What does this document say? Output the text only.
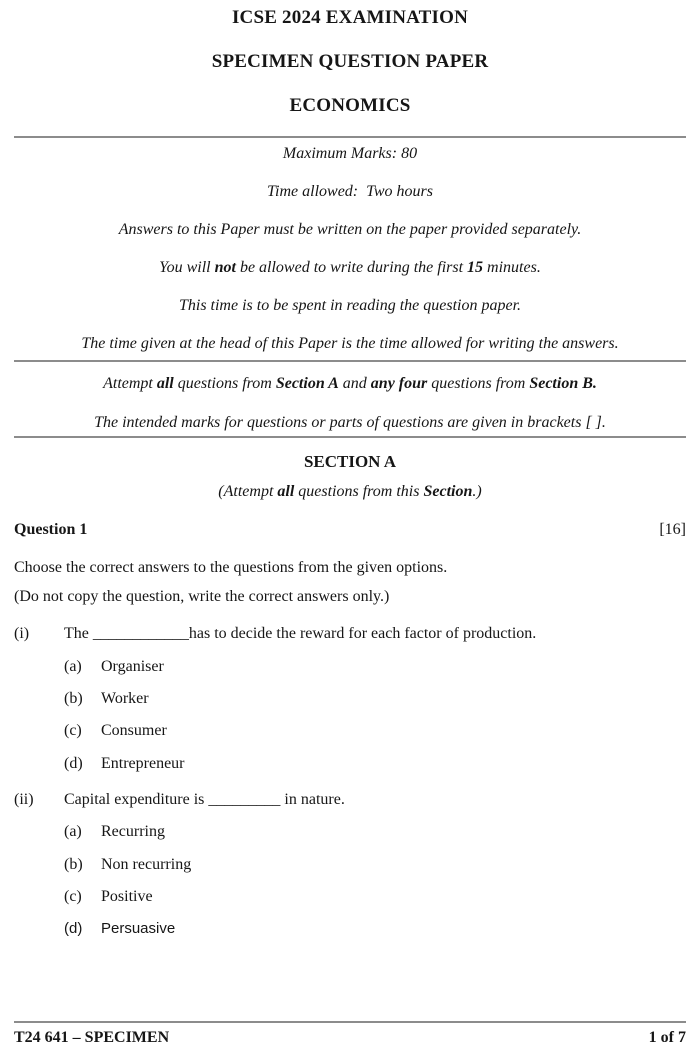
ICSE 2024 EXAMINATION

SPECIMEN QUESTION PAPER

ECONOMICS

Maximum Marks: 80

Time allowed:  Two hours

Answers to this Paper must be written on the paper provided separately.

You will not be allowed to write during the first 15 minutes.

This time is to be spent in reading the question paper.

The time given at the head of this Paper is the time allowed for writing the answers.

Attempt all questions from Section A and any four questions from Section B.

The intended marks for questions or parts of questions are given in brackets [ ].

SECTION A

(Attempt all questions from this Section.)

Question 1	[16]

Choose the correct answers to the questions from the given options.

(Do not copy the question, write the correct answers only.)

(i)	The ____________has to decide the reward for each factor of production.
(a)	Organiser
(b)	Worker
(c)	Consumer
(d)	Entrepreneur
(ii)	Capital expenditure is _________ in nature.
(a)	Recurring
(b)	Non recurring
(c)	Positive
(d)	Persuasive
T24 641 – SPECIMEN	1 of 7
